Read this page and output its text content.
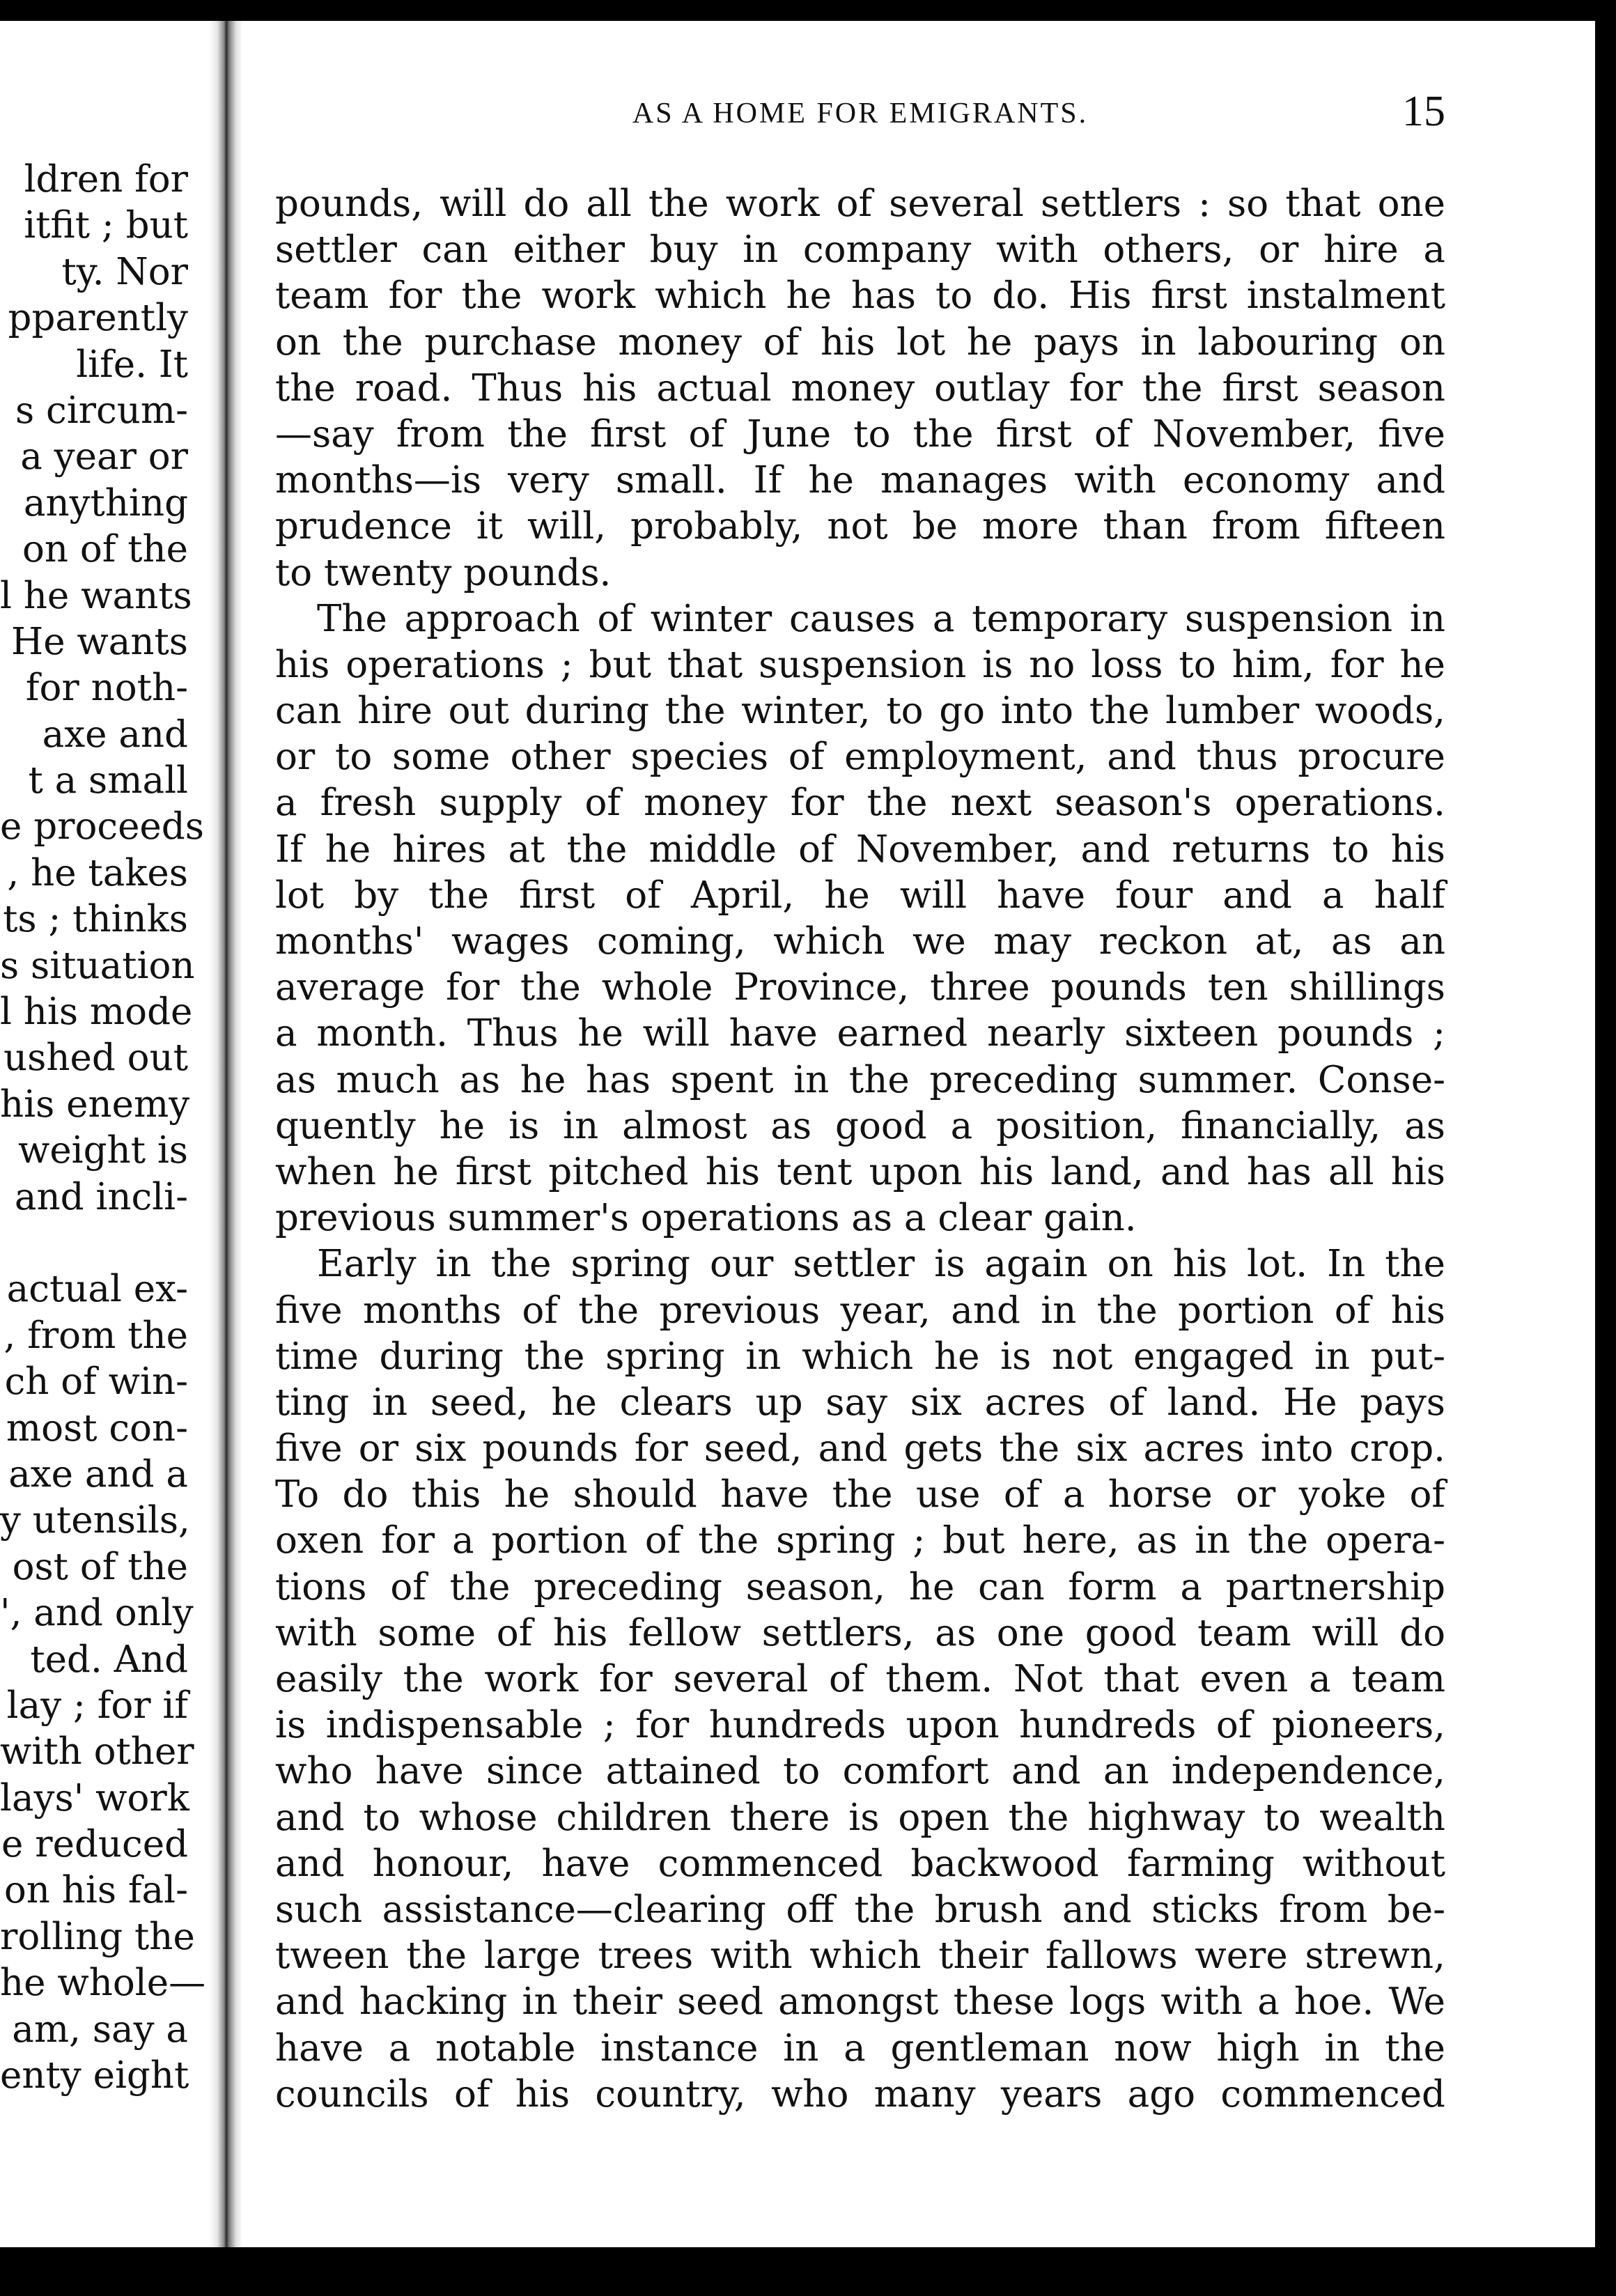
ldren for
itfit ; but
ty. Nor
pparently
life. It
s circum-
a year or
anything
on of the
l he wants
He wants
for noth-
axe and
t a small
e proceeds
, he takes
ts ; thinks
s situation
l his mode
ushed out
his enemy
weight is
and incli-
actual ex-
, from the
ch of win-
most con-
axe and a
y utensils,
ost of the
', and only
ted. And
lay ; for if
with other
lays' work
e reduced
on his fal-
rolling the
he whole—
am, say a
enty eight
AS A HOME FOR EMIGRANTS.	15
pounds, will do all the work of several settlers : so that one
settler can either buy in company with others, or hire a
team for the work which he has to do. His first instalment
on the purchase money of his lot he pays in labouring on
the road. Thus his actual money outlay for the first season
—say from the first of June to the first of November, five
months—is very small. If he manages with economy and
prudence it will, probably, not be more than from fifteen
to twenty pounds.
The approach of winter causes a temporary suspension in
his operations ; but that suspension is no loss to him, for he
can hire out during the winter, to go into the lumber woods,
or to some other species of employment, and thus procure
a fresh supply of money for the next season's operations.
If he hires at the middle of November, and returns to his
lot by the first of April, he will have four and a half
months' wages coming, which we may reckon at, as an
average for the whole Province, three pounds ten shillings
a month. Thus he will have earned nearly sixteen pounds ;
as much as he has spent in the preceding summer. Conse-
quently he is in almost as good a position, financially, as
when he first pitched his tent upon his land, and has all his
previous summer's operations as a clear gain.
Early in the spring our settler is again on his lot. In the
five months of the previous year, and in the portion of his
time during the spring in which he is not engaged in put-
ting in seed, he clears up say six acres of land. He pays
five or six pounds for seed, and gets the six acres into crop.
To do this he should have the use of a horse or yoke of
oxen for a portion of the spring ; but here, as in the opera-
tions of the preceding season, he can form a partnership
with some of his fellow settlers, as one good team will do
easily the work for several of them. Not that even a team
is indispensable ; for hundreds upon hundreds of pioneers,
who have since attained to comfort and an independence,
and to whose children there is open the highway to wealth
and honour, have commenced backwood farming without
such assistance—clearing off the brush and sticks from be-
tween the large trees with which their fallows were strewn,
and hacking in their seed amongst these logs with a hoe. We
have a notable instance in a gentleman now high in the
councils of his country, who many years ago commenced
